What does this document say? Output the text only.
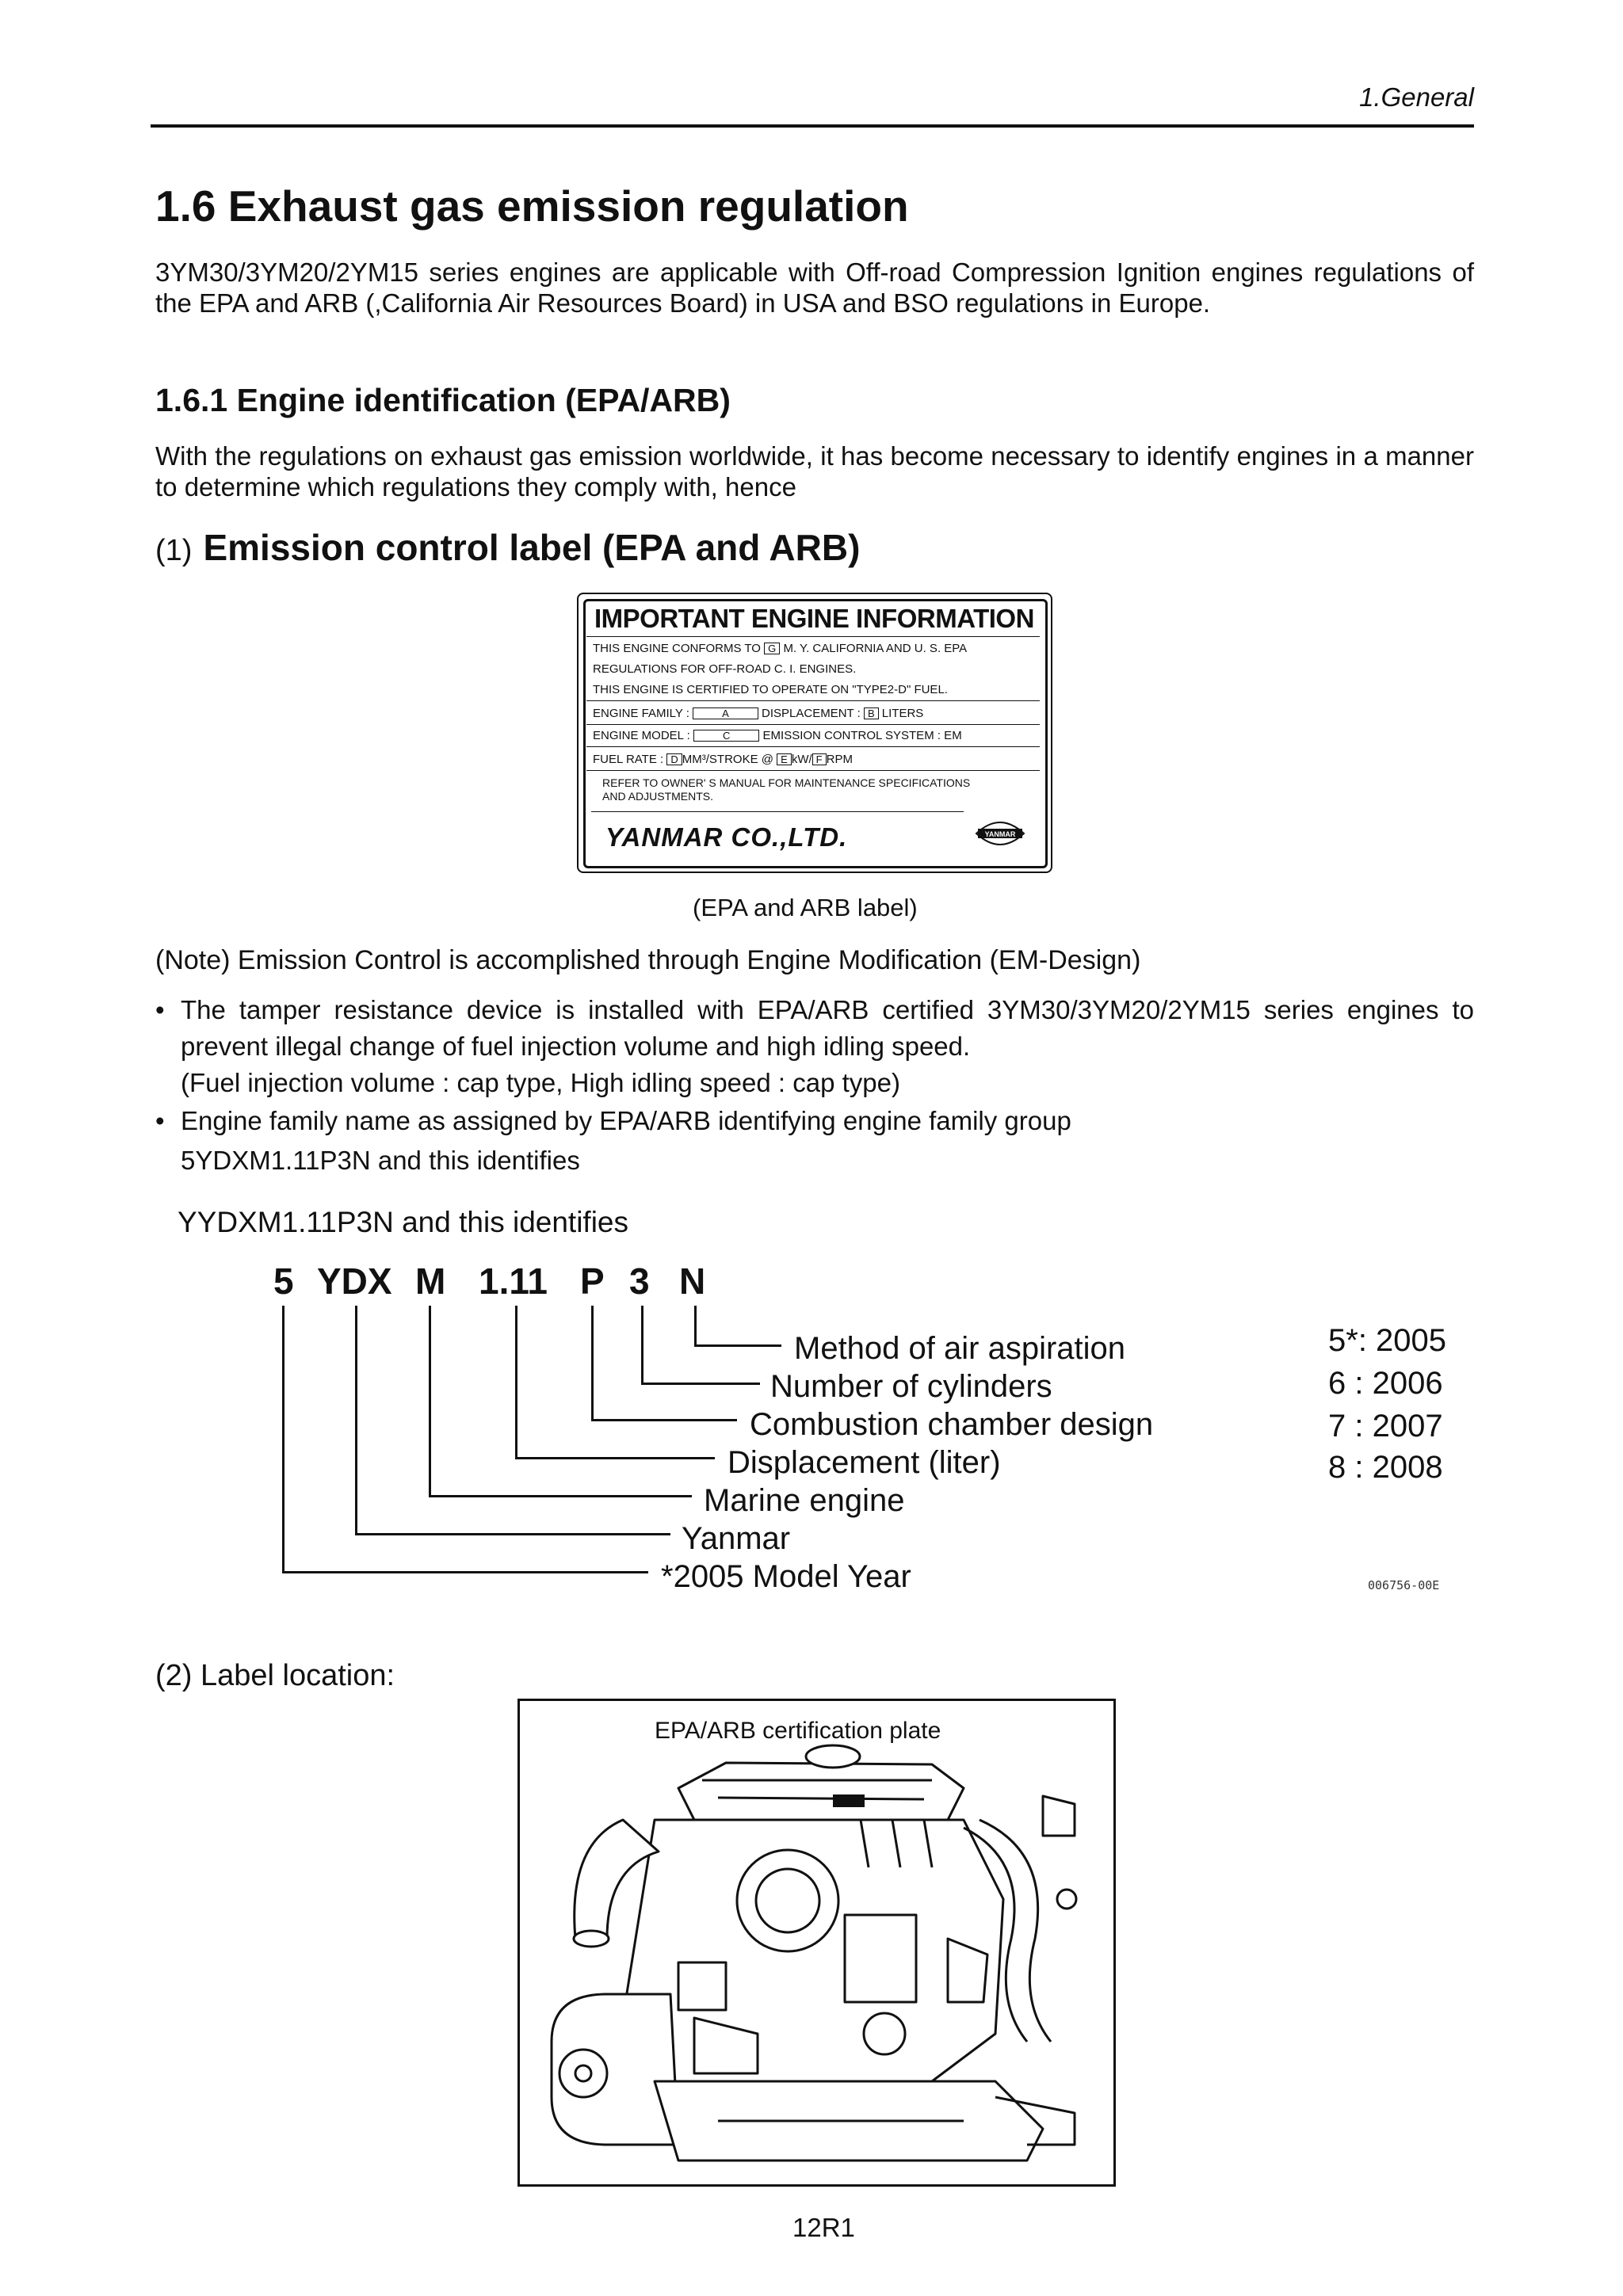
1.General
1.6 Exhaust gas emission regulation
3YM30/3YM20/2YM15 series engines are applicable with Off-road Compression Ignition engines regulations of the EPA and ARB (,California Air Resources Board) in USA and BSO regulations in Europe.
1.6.1 Engine identification (EPA/ARB)
With the regulations on exhaust gas emission worldwide, it has become necessary to identify engines in a manner to determine which regulations they comply with, hence
(1) Emission control label (EPA and ARB)
IMPORTANT ENGINE INFORMATION
THIS ENGINE CONFORMS TO G M. Y. CALIFORNIA AND U. S. EPA
REGULATIONS FOR OFF-ROAD C. I. ENGINES.
THIS ENGINE IS CERTIFIED TO OPERATE ON "TYPE2-D" FUEL.
ENGINE FAMILY :	A	DISPLACEMENT : B LITERS
ENGINE MODEL :	C	EMISSION CONTROL SYSTEM : EM
FUEL RATE : D MM³/STROKE @ E kW/ F RPM
REFER TO OWNER' S MANUAL FOR MAINTENANCE SPECIFICATIONS
AND ADJUSTMENTS.
YANMAR CO.,LTD.	YANMAR
(EPA and ARB label)
(Note) Emission Control is accomplished through Engine Modification (EM-Design)
• The tamper resistance device is installed with EPA/ARB certified 3YM30/3YM20/2YM15 series engines to prevent illegal change of fuel injection volume and high idling speed.
(Fuel injection volume : cap type, High idling speed : cap type)
• Engine family name as assigned by EPA/ARB identifying engine family group
5YDXM1.11P3N and this identifies
YYDXM1.11P3N and this identifies
5 YDX M 1.11 P 3 N
Method of air aspiration
Number of cylinders
Combustion chamber design
Displacement (liter)
Marine engine
Yanmar
*2005 Model Year
5*: 2005
6 : 2006
7 : 2007
8 : 2008
006756-00E
(2) Label location:
EPA/ARB certification plate
12R1
